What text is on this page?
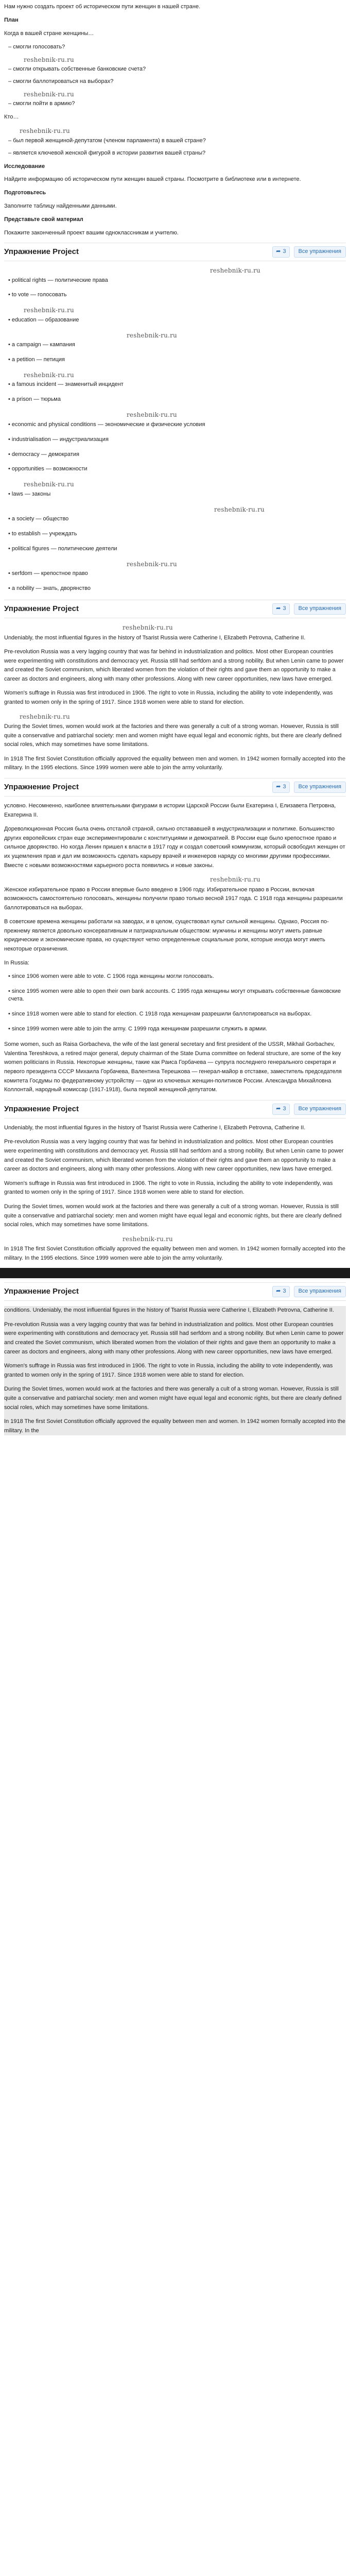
Нам нужно создать проект об историческом пути женщин в нашей стране.

План

Когда в вашей стране женщины…

– смогли голосовать?
reshebnik-ru.ru
– смогли открывать собственные банковские счета?
– смогли баллотироваться на выборах?
reshebnik-ru.ru
– смогли пойти в армию?

Кто…

reshebnik-ru.ru
– был первой женщиной-депутатом (членом парламента) в вашей стране?
– является ключевой женской фигурой в истории развития вашей страны?

Исследование

Найдите информацию об историческом пути женщин вашей страны. Посмотрите в библиотеке или в интернете.

Подготовьтесь

Заполните таблицу найденными данными.

Представьте свой материал

Покажите законченный проект вашим одноклассникам и учителю.

Упражнение Project	➦ 3	Все упражнения
reshebnik-ru.ru
• political rights — политические права
• to vote — голосовать
reshebnik-ru.ru
• education — образование
reshebnik-ru.ru
• a campaign — кампания
• a petition — петиция
reshebnik-ru.ru
• a famous incident — знаменитый инцидент
• a prison — тюрьма
reshebnik-ru.ru
• economic and physical conditions — экономические и физические условия
• industrialisation — индустриализация
• democracy — демократия
• opportunities — возможности
reshebnik-ru.ru
• laws — законы
reshebnik-ru.ru
• a society — общество
• to establish — учреждать
• political figures — политические деятели
reshebnik-ru.ru
• serfdom — крепостное право
• a nobility — знать, дворянство
Упражнение Project	➦ 3	Все упражнения
reshebnik-ru.ru

Undeniably, the most influential figures in the history of Tsarist Russia were Catherine I, Elizabeth Petrovna, Catherine II.

Pre-revolution Russia was a very lagging country that was far behind in industrialization and politics. Most other European countries were experimenting with constitutions and democracy yet. Russia still had serfdom and a strong nobility. But when Lenin came to power and created the Soviet communism, which liberated women from the violation of their rights and gave them an opportunity to make a career as doctors and engineers, along with many other professions. Along with new career opportunities, new laws have emerged.

Women's suffrage in Russia was first introduced in 1906. The right to vote in Russia, including the ability to vote independently, was granted to women only in the spring of 1917. Since 1918 women were able to stand for election.

reshebnik-ru.ru

During the Soviet times, women would work at the factories and there was generally a cult of a strong woman. However, Russia is still quite a conservative and patriarchal society: men and women might have equal legal and economic rights, but there are clearly defined social roles, which may sometimes have some limitations.

In 1918 The first Soviet Constitution officially approved the equality between men and women. In 1942 women formally accepted into the military. In the 1995 elections. Since 1999 women were able to join the army voluntarily.

Упражнение Project	➦ 3	Все упражнения

условно. Несомненно, наиболее влиятельными фигурами в истории Царской России были Екатерина I, Елизавета Петровна, Екатерина II.

Дореволюционная Россия была очень отсталой страной, сильно отстававшей в индустриализации и политике. Большинство других европейских стран еще экспериментировали с конституциями и демократией. В России еще было крепостное право и сильное дворянство. Но когда Ленин пришел к власти в 1917 году и создал советский коммунизм, который освободил женщин от их ущемления прав и дал им возможность сделать карьеру врачей и инженеров наряду со многими другими профессиями. Вместе с новыми возможностями карьерного роста появились и новые законы.

reshebnik-ru.ru

Женское избирательное право в России впервые было введено в 1906 году. Избирательное право в России, включая возможность самостоятельно голосовать, женщины получили право только весной 1917 года. С 1918 года женщины разрешили баллотироваться на выборах.

В советские времена женщины работали на заводах, и в целом, существовал культ сильной женщины. Однако, Россия по-прежнему является довольно консервативным и патриархальным обществом: мужчины и женщины могут иметь равные юридические и экономические права, но существуют четко определенные социальные роли, которые иногда могут иметь некоторые ограничения.

In Russia:

• since 1906 women were able to vote. С 1906 года женщины могли голосовать.
• since 1995 women were able to open their own bank accounts. С 1995 года женщины могут открывать собственные банковские счета.
• since 1918 women were able to stand for election. С 1918 года женщинам разрешили баллотироваться на выборах.
• since 1999 women were able to join the army. С 1999 года женщинам разрешили служить в армии.

Some women, such as Raisa Gorbacheva, the wife of the last general secretary and first president of the USSR, Mikhail Gorbachev, Valentina Tereshkova, a retired major general, deputy chairman of the State Duma committee on federal structure, are some of the key women politicians in Russia. Некоторые женщины, такие как Раиса Горбачева — супруга последнего генерального секретаря и первого президента СССР Михаила Горбачева, Валентина Терешкова — генерал-майор в отставке, заместитель председателя комитета Госдумы по федеративному устройству — одни из ключевых женщин-политиков России. Александра Михайловна Коллонтай, народный комиссар (1917-1918), была первой женщиной-депутатом.

Упражнение Project	➦ 3	Все упражнения

Undeniably, the most influential figures in the history of Tsarist Russia were Catherine I, Elizabeth Petrovna, Catherine II.

Pre-revolution Russia was a very lagging country that was far behind in industrialization and politics. Most other European countries were experimenting with constitutions and democracy yet. Russia still had serfdom and a strong nobility. But when Lenin came to power and created the Soviet communism, which liberated women from the violation of their rights and gave them an opportunity to make a career as doctors and engineers, along with many other professions. Along with new career opportunities, new laws have emerged.

Women's suffrage in Russia was first introduced in 1906. The right to vote in Russia, including the ability to vote independently, was granted to women only in the spring of 1917. Since 1918 women were able to stand for election.

During the Soviet times, women would work at the factories and there was generally a cult of a strong woman. However, Russia is still quite a conservative and patriarchal society: men and women might have equal legal and economic rights, but there are clearly defined social roles, which may sometimes have some limitations.

reshebnik-ru.ru

In 1918 The first Soviet Constitution officially approved the equality between men and women. In 1942 women formally accepted into the military. In the 1995 elections. Since 1999 women were able to join the army voluntarily.

Упражнение Project	➦ 3	Все упражнения

conditions. Undeniably, the most influential figures in the history of Tsarist Russia were Catherine I, Elizabeth Petrovna, Catherine II.

Pre-revolution Russia was a very lagging country that was far behind in industrialization and politics. Most other European countries were experimenting with constitutions and democracy yet. Russia still had serfdom and a strong nobility. But when Lenin came to power and created the Soviet communism, which liberated women from the violation of their rights and gave them an opportunity to make a career as doctors and engineers, along with many other professions. Along with new career opportunities, new laws have emerged.

Women's suffrage in Russia was first introduced in 1906. The right to vote in Russia, including the ability to vote independently, was granted to women only in the spring of 1917. Since 1918 women were able to stand for election.

During the Soviet times, women would work at the factories and there was generally a cult of a strong woman. However, Russia is still quite a conservative and patriarchal society: men and women might have equal legal and economic rights, but there are clearly defined social roles, which may sometimes have some limitations.

In 1918 The first Soviet Constitution officially approved the equality between men and women. In 1942 women formally accepted into the military. In the
